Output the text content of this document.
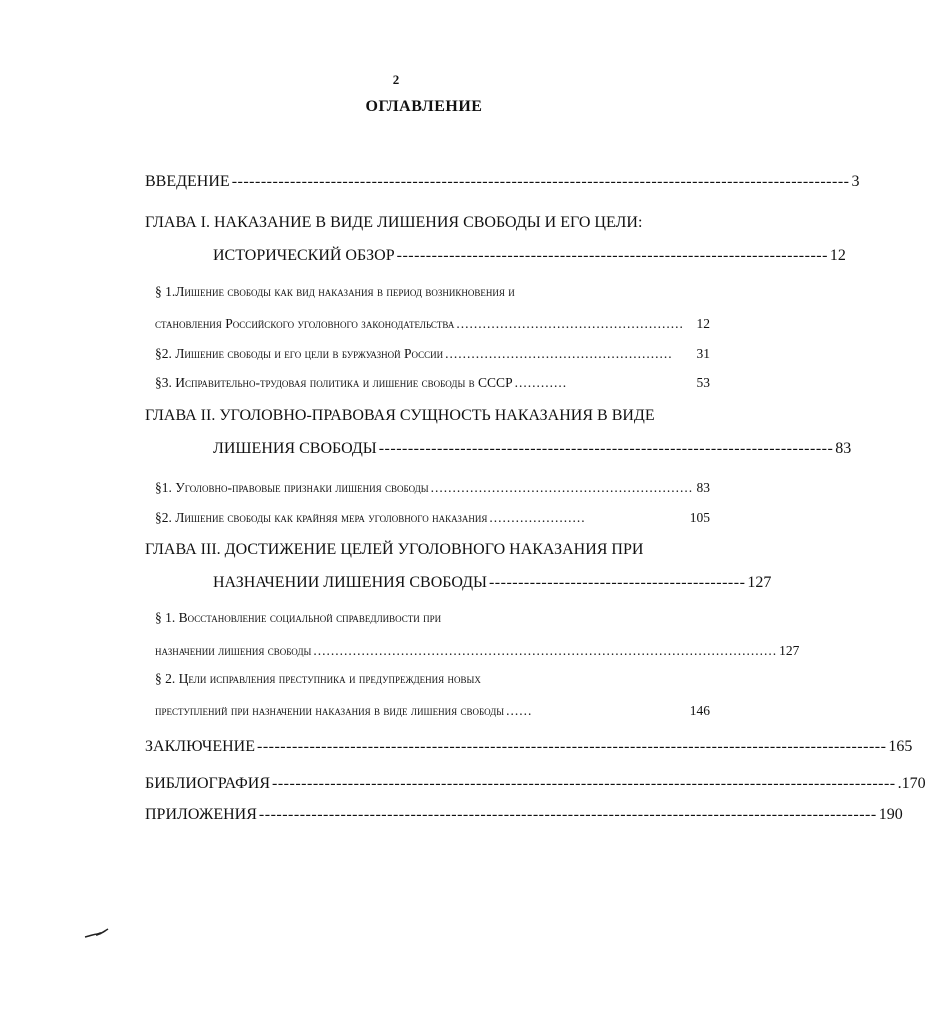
2
ОГЛАВЛЕНИЕ
ВВЕДЕНИЕ ---------------------------------------------------------------------------------------------------------- 3
ГЛАВА I. НАКАЗАНИЕ В ВИДЕ ЛИШЕНИЯ СВОБОДЫ И ЕГО ЦЕЛИ:
ИСТОРИЧЕСКИЙ ОБЗОР -------------------------------------------------------------------------- 12
§ 1.Лишение свободы как вид наказания в период возникновения и
становления Российского уголовного законодательства .................................................... 12
§2. Лишение свободы и его цели в буржуазной России ....................................................	31
§3. Исправительно-трудовая политика и лишение свободы в СССР ............	53
ГЛАВА II. УГОЛОВНО-ПРАВОВАЯ СУЩНОСТЬ НАКАЗАНИЯ В ВИДЕ
ЛИШЕНИЯ СВОБОДЫ ------------------------------------------------------------------------------ 83
§1. Уголовно-правовые признаки лишения свободы ............................................................ 83
§2. Лишение свободы как крайняя мера уголовного наказания ......................	105
ГЛАВА III. ДОСТИЖЕНИЕ ЦЕЛЕЙ УГОЛОВНОГО НАКАЗАНИЯ ПРИ
НАЗНАЧЕНИИ ЛИШЕНИЯ СВОБОДЫ -------------------------------------------- 127
§ 1. Восстановление социальной справедливости при
назначении лишения свободы .......................................................................................................... 127
§ 2. Цели исправления преступника и предупреждения новых
преступлений при назначении наказания в виде лишения свободы ......	146
ЗАКЛЮЧЕНИЕ ------------------------------------------------------------------------------------------------------------ 165
БИБЛИОГРАФИЯ ----------------------------------------------------------------------------------------------------------- .170
ПРИЛОЖЕНИЯ ---------------------------------------------------------------------------------------------------------- 190
